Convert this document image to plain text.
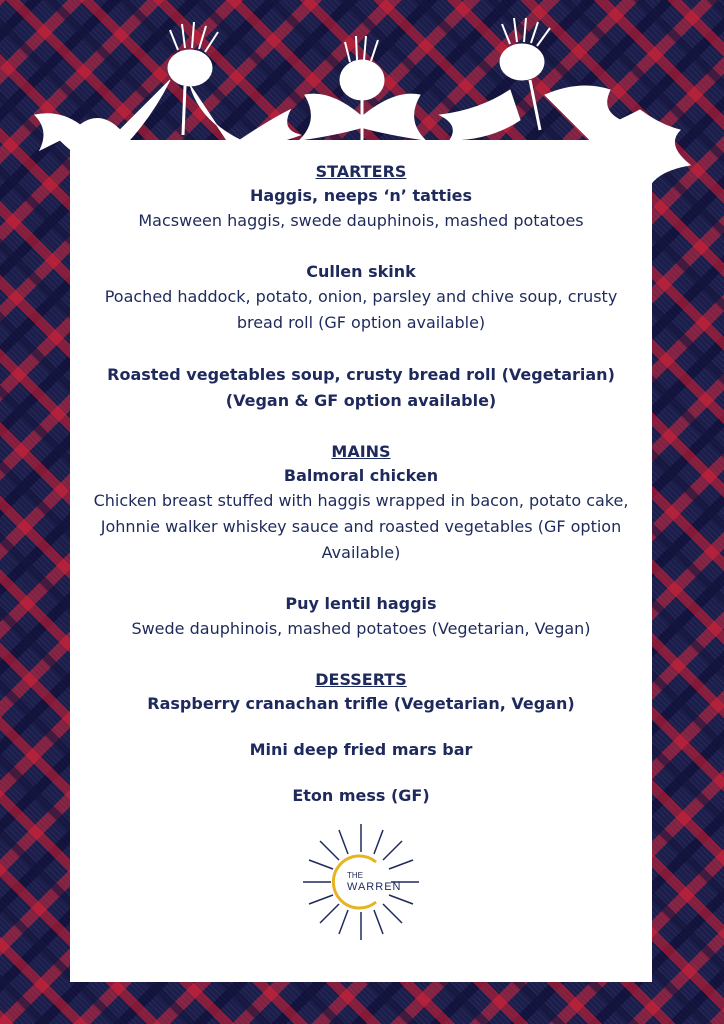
STARTERS

Haggis, neeps ‘n’ tatties

Macsween haggis, swede dauphinois, mashed potatoes

Cullen skink

Poached haddock, potato, onion, parsley and chive soup, crusty bread roll (GF option available)

Roasted vegetables soup, crusty bread roll (Vegetarian) (Vegan & GF option available)

MAINS

Balmoral chicken

Chicken breast stuffed with haggis wrapped in bacon, potato cake, Johnnie walker whiskey sauce and roasted vegetables (GF option Available)

Puy lentil haggis

Swede dauphinois, mashed potatoes (Vegetarian, Vegan)

DESSERTS

Raspberry cranachan trifle (Vegetarian, Vegan)

Mini deep fried mars bar

Eton mess (GF)

THE
WARREN
